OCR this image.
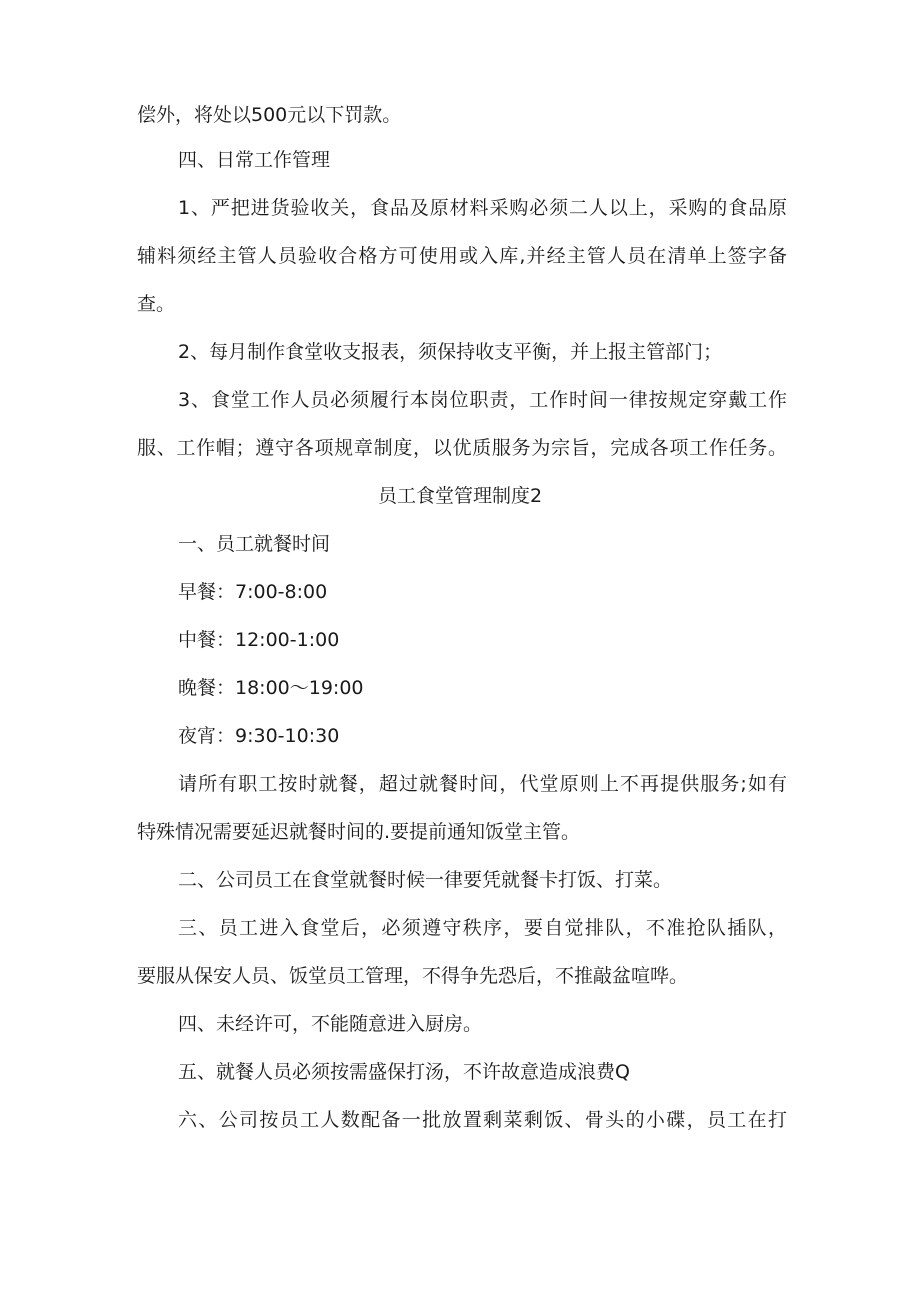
偿外，将处以500元以下罚款。
四、日常工作管理
1、严把进货验收关，食品及原材料采购必须二人以上，采购的食品原
辅料须经主管人员验收合格方可使用或入库,并经主管人员在清单上签字备
查。
2、每月制作食堂收支报表，须保持收支平衡，并上报主管部门；
3、食堂工作人员必须履行本岗位职责，工作时间一律按规定穿戴工作
服、工作帽；遵守各项规章制度，以优质服务为宗旨，完成各项工作任务。
员工食堂管理制度2
一、员工就餐时间
早餐：7:00-8:00
中餐：12:00-1:00
晚餐：18:00～19:00
夜宵：9:30-10:30
请所有职工按时就餐，超过就餐时间，代堂原则上不再提供服务;如有
特殊情况需要延迟就餐时间的.要提前通知饭堂主管。
二、公司员工在食堂就餐时候一律要凭就餐卡打饭、打菜。
三、员工进入食堂后，必须遵守秩序，要自觉排队，不准抢队插队，
要服从保安人员、饭堂员工管理，不得争先恐后，不推敲盆喧哗。
四、未经许可，不能随意进入厨房。
五、就餐人员必须按需盛保打汤，不许故意造成浪费Q
六、公司按员工人数配备一批放置剩菜剩饭、骨头的小碟，员工在打
